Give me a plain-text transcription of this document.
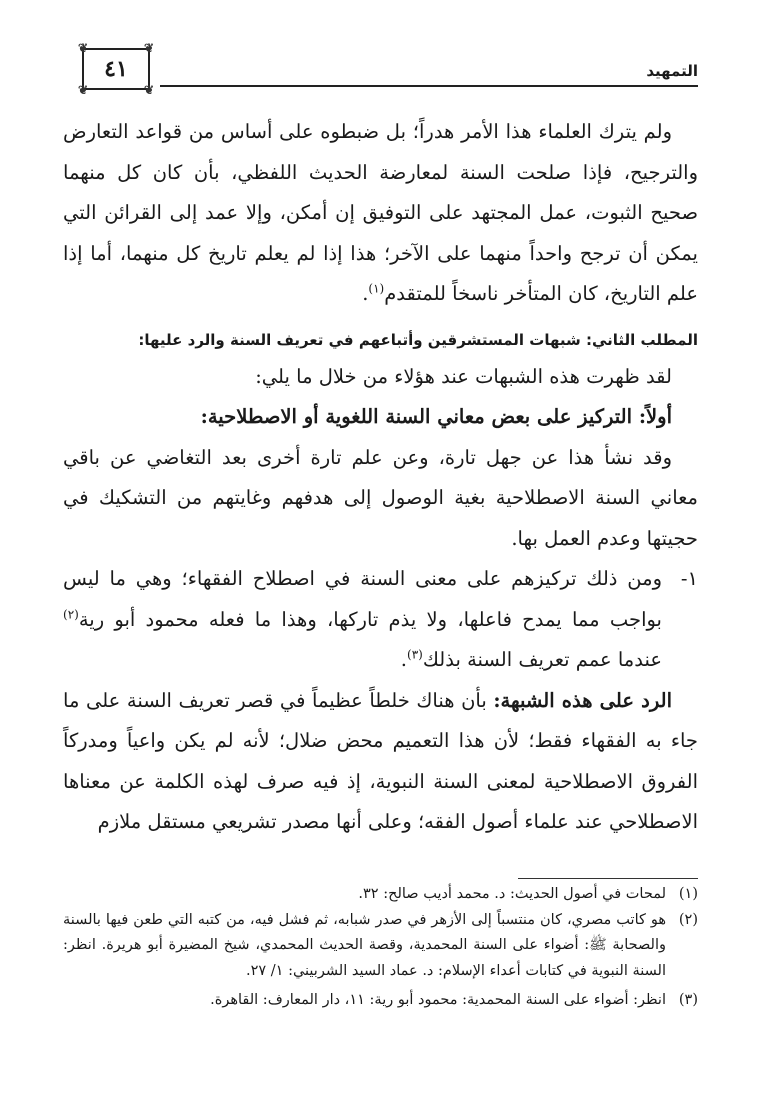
التمهيد
❦	❦
❦	❦
٤١

ولم يترك العلماء هذا الأمر هدراً؛ بل ضبطوه على أساس من قواعد التعارض والترجيح، فإذا صلحت السنة لمعارضة الحديث اللفظي، بأن كان كل منهما صحيح الثبوت، عمل المجتهد على التوفيق إن أمكن، وإلا عمد إلى القرائن التي يمكن أن ترجح واحداً منهما على الآخر؛ هذا إذا لم يعلم تاريخ كل منهما، أما إذا علم التاريخ، كان المتأخر ناسخاً للمتقدم$^{(١)}$.

المطلب الثاني: شبهات المستشرقين وأتباعهم في تعريف السنة والرد عليها:

لقد ظهرت هذه الشبهات عند هؤلاء من خلال ما يلي:

أولاً: التركيز على بعض معاني السنة اللغوية أو الاصطلاحية:

وقد نشأ هذا عن جهل تارة، وعن علم تارة أخرى بعد التغاضي عن باقي معاني السنة الاصطلاحية بغية الوصول إلى هدفهم وغايتهم من التشكيك في حجيتها وعدم العمل بها.

١-
ومن ذلك تركيزهم على معنى السنة في اصطلاح الفقهاء؛ وهي ما ليس بواجب مما يمدح فاعلها، ولا يذم تاركها، وهذا ما فعله محمود أبو رية$^{(٢)}$ عندما عمم تعريف السنة بذلك$^{(٣)}$.

الرد على هذه الشبهة: بأن هناك خلطاً عظيماً في قصر تعريف السنة على ما جاء به الفقهاء فقط؛ لأن هذا التعميم محض ضلال؛ لأنه لم يكن واعياً ومدركاً الفروق الاصطلاحية لمعنى السنة النبوية، إذ فيه صرف لهذه الكلمة عن معناها الاصطلاحي عند علماء أصول الفقه؛ وعلى أنها مصدر تشريعي مستقل ملازم

(١)
لمحات في أصول الحديث: د. محمد أديب صالح: ٣٢.

(٢)
هو كاتب مصري، كان منتسباً إلى الأزهر في صدر شبابه، ثم فشل فيه، من كتبه التي طعن فيها بالسنة والصحابة ﷺ: أضواء على السنة المحمدية، وقصة الحديث المحمدي، شيخ المضيرة أبو هريرة. انظر: السنة النبوية في كتابات أعداء الإسلام: د. عماد السيد الشربيني: ١/ ٢٧.

(٣)
انظر: أضواء على السنة المحمدية: محمود أبو رية: ١١، دار المعارف: القاهرة.
